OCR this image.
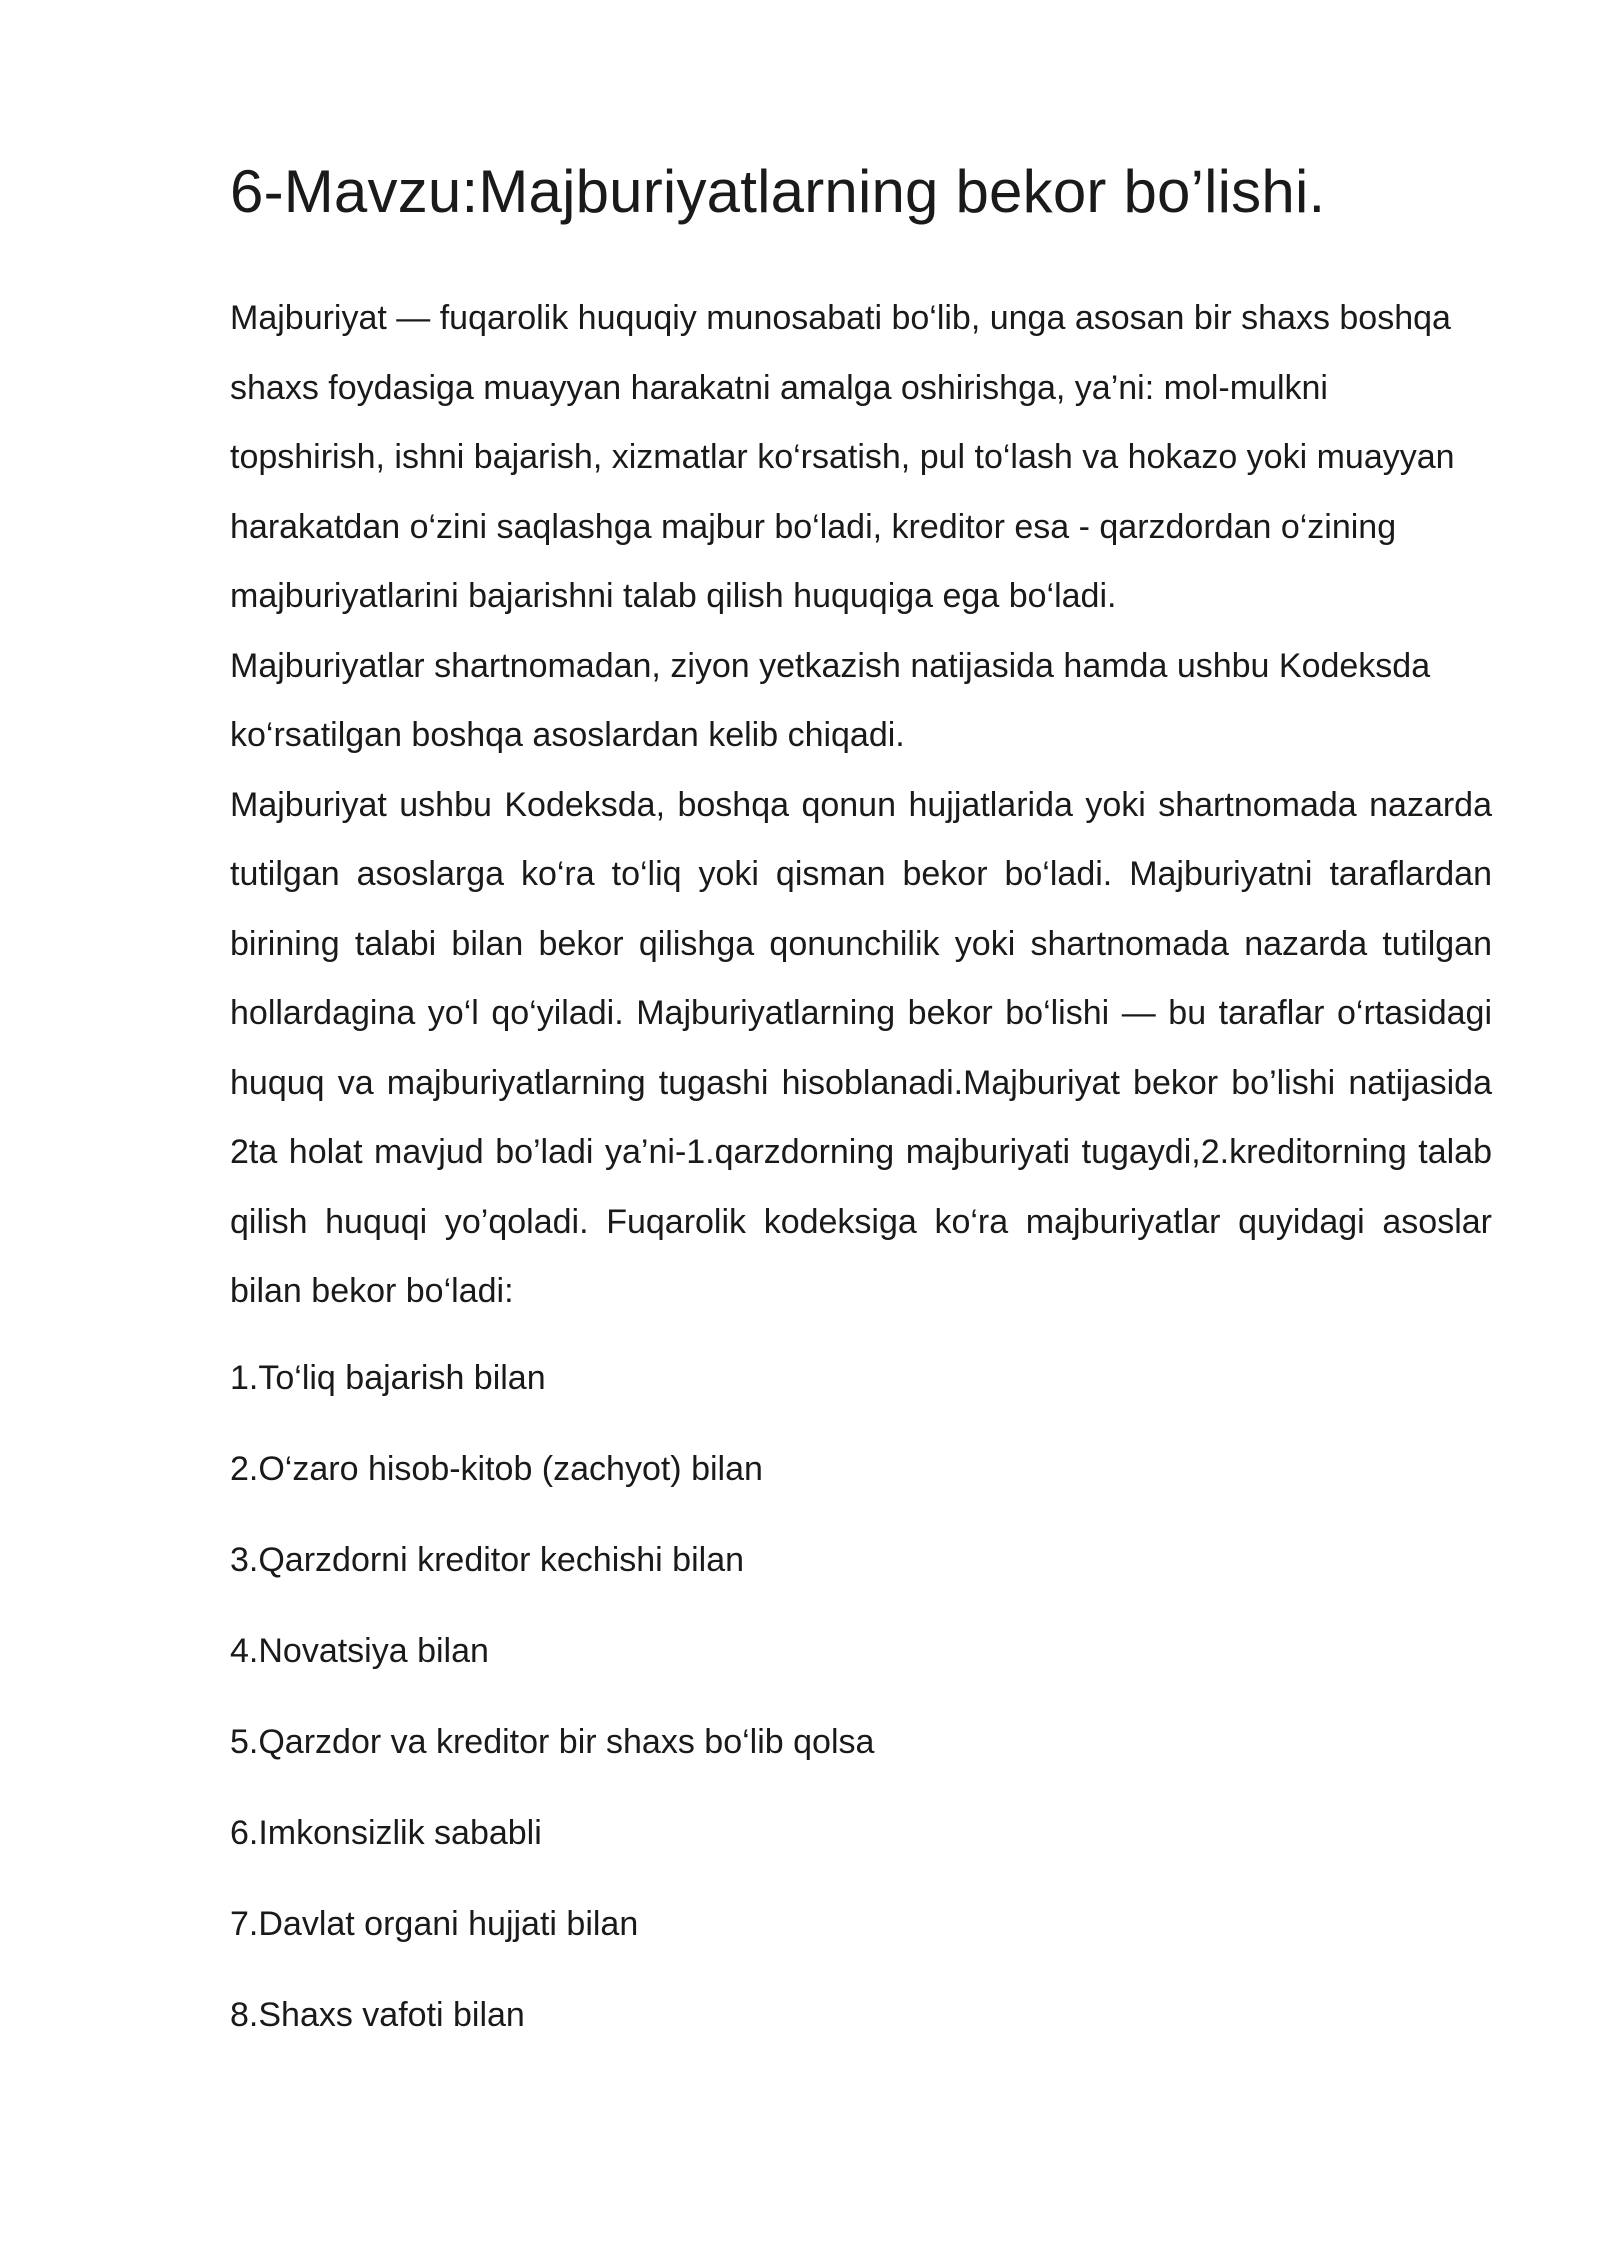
6-Mavzu:Majburiyatlarning bekor bo’lishi.

Majburiyat — fuqarolik huquqiy munosabati bo‘lib, unga asosan bir shaxs boshqa shaxs foydasiga muayyan harakatni amalga oshirishga, ya’ni: mol-mulkni topshirish, ishni bajarish, xizmatlar ko‘rsatish, pul to‘lash va hokazo yoki muayyan harakatdan o‘zini saqlashga majbur bo‘ladi, kreditor esa - qarzdordan o‘zining majburiyatlarini bajarishni talab qilish huquqiga ega bo‘ladi.

Majburiyatlar shartnomadan, ziyon yetkazish natijasida hamda ushbu Kodeksda ko‘rsatilgan boshqa asoslardan kelib chiqadi.

Majburiyat ushbu Kodeksda, boshqa qonun hujjatlarida yoki shartnomada nazarda tutilgan asoslarga ko‘ra to‘liq yoki qisman bekor bo‘ladi. Majburiyatni taraflardan birining talabi bilan bekor qilishga qonunchilik yoki shartnomada nazarda tutilgan hollardagina yo‘l qo‘yiladi. Majburiyatlarning bekor bo‘lishi — bu taraflar o‘rtasidagi huquq va majburiyatlarning tugashi hisoblanadi.Majburiyat bekor bo’lishi natijasida 2ta holat mavjud bo’ladi ya’ni-1.qarzdorning majburiyati tugaydi,2.kreditorning talab qilish huquqi yo’qoladi. Fuqarolik kodeksiga ko‘ra majburiyatlar quyidagi asoslar bilan bekor bo‘ladi:

1.To‘liq bajarish bilan
2.O‘zaro hisob-kitob (zachyot) bilan
3.Qarzdorni kreditor kechishi bilan
4.Novatsiya bilan
5.Qarzdor va kreditor bir shaxs bo‘lib qolsa
6.Imkonsizlik sababli
7.Davlat organi hujjati bilan
8.Shaxs vafoti bilan
